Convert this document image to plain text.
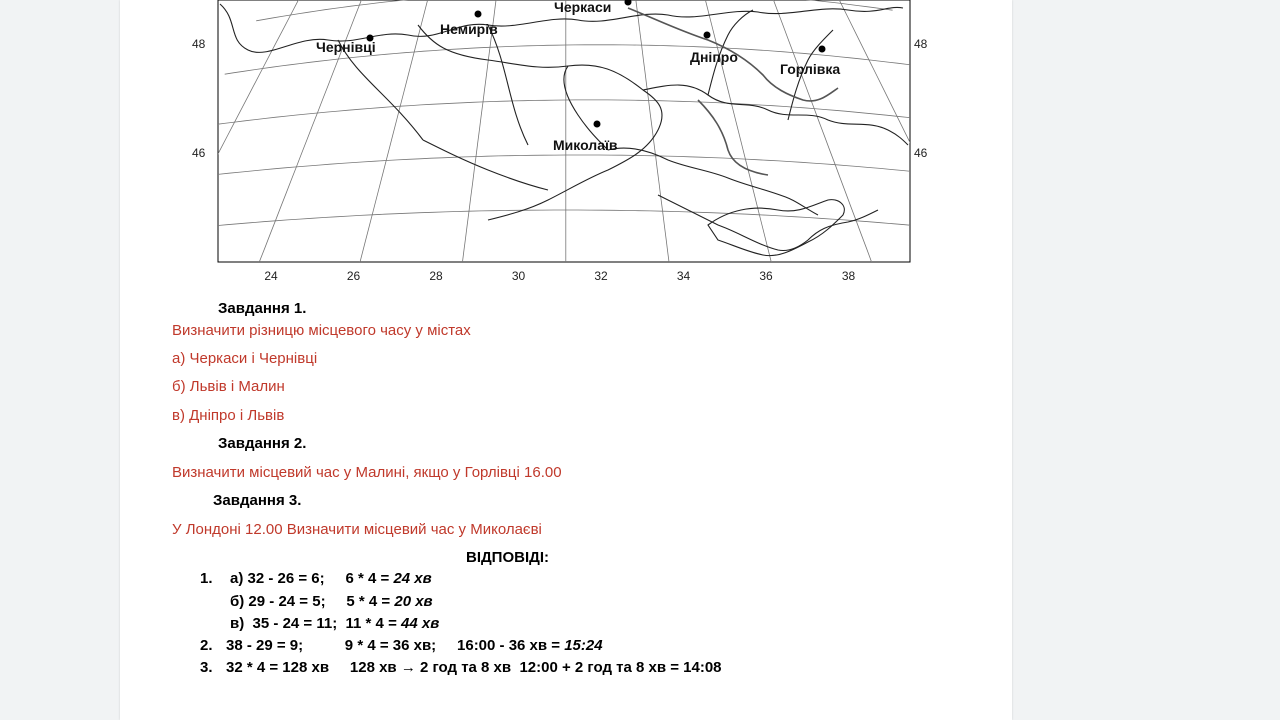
Чернівці
Немирів
Черкаси
Дніпро
Горлівка
Миколаїв
24	26	28	30	32	34	36	38
48
46
48
46
Завдання 1.
Визначити різницю місцевого часу у містах
а) Черкаси і Чернівці
б) Львів і Малин
в) Дніпро і Львів
Завдання 2.
Визначити місцевий час у Малині, якщо у Горлівці 16.00
Завдання 3.
У Лондоні 12.00 Визначити місцевий час у Миколаєві
ВІДПОВІДІ:
1. а) 32 - 26 = 6;     6 * 4 = 24 хв
б) 29 - 24 = 5;     5 * 4 = 20 хв
в)  35 - 24 = 11;  11 * 4 = 44 хв
2. 38 - 29 = 9;          9 * 4 = 36 хв;     16:00 - 36 хв = 15:24
3. 32 * 4 = 128 хв     128 хв → 2 год та 8 хв  12:00 + 2 год та 8 хв = 14:08
